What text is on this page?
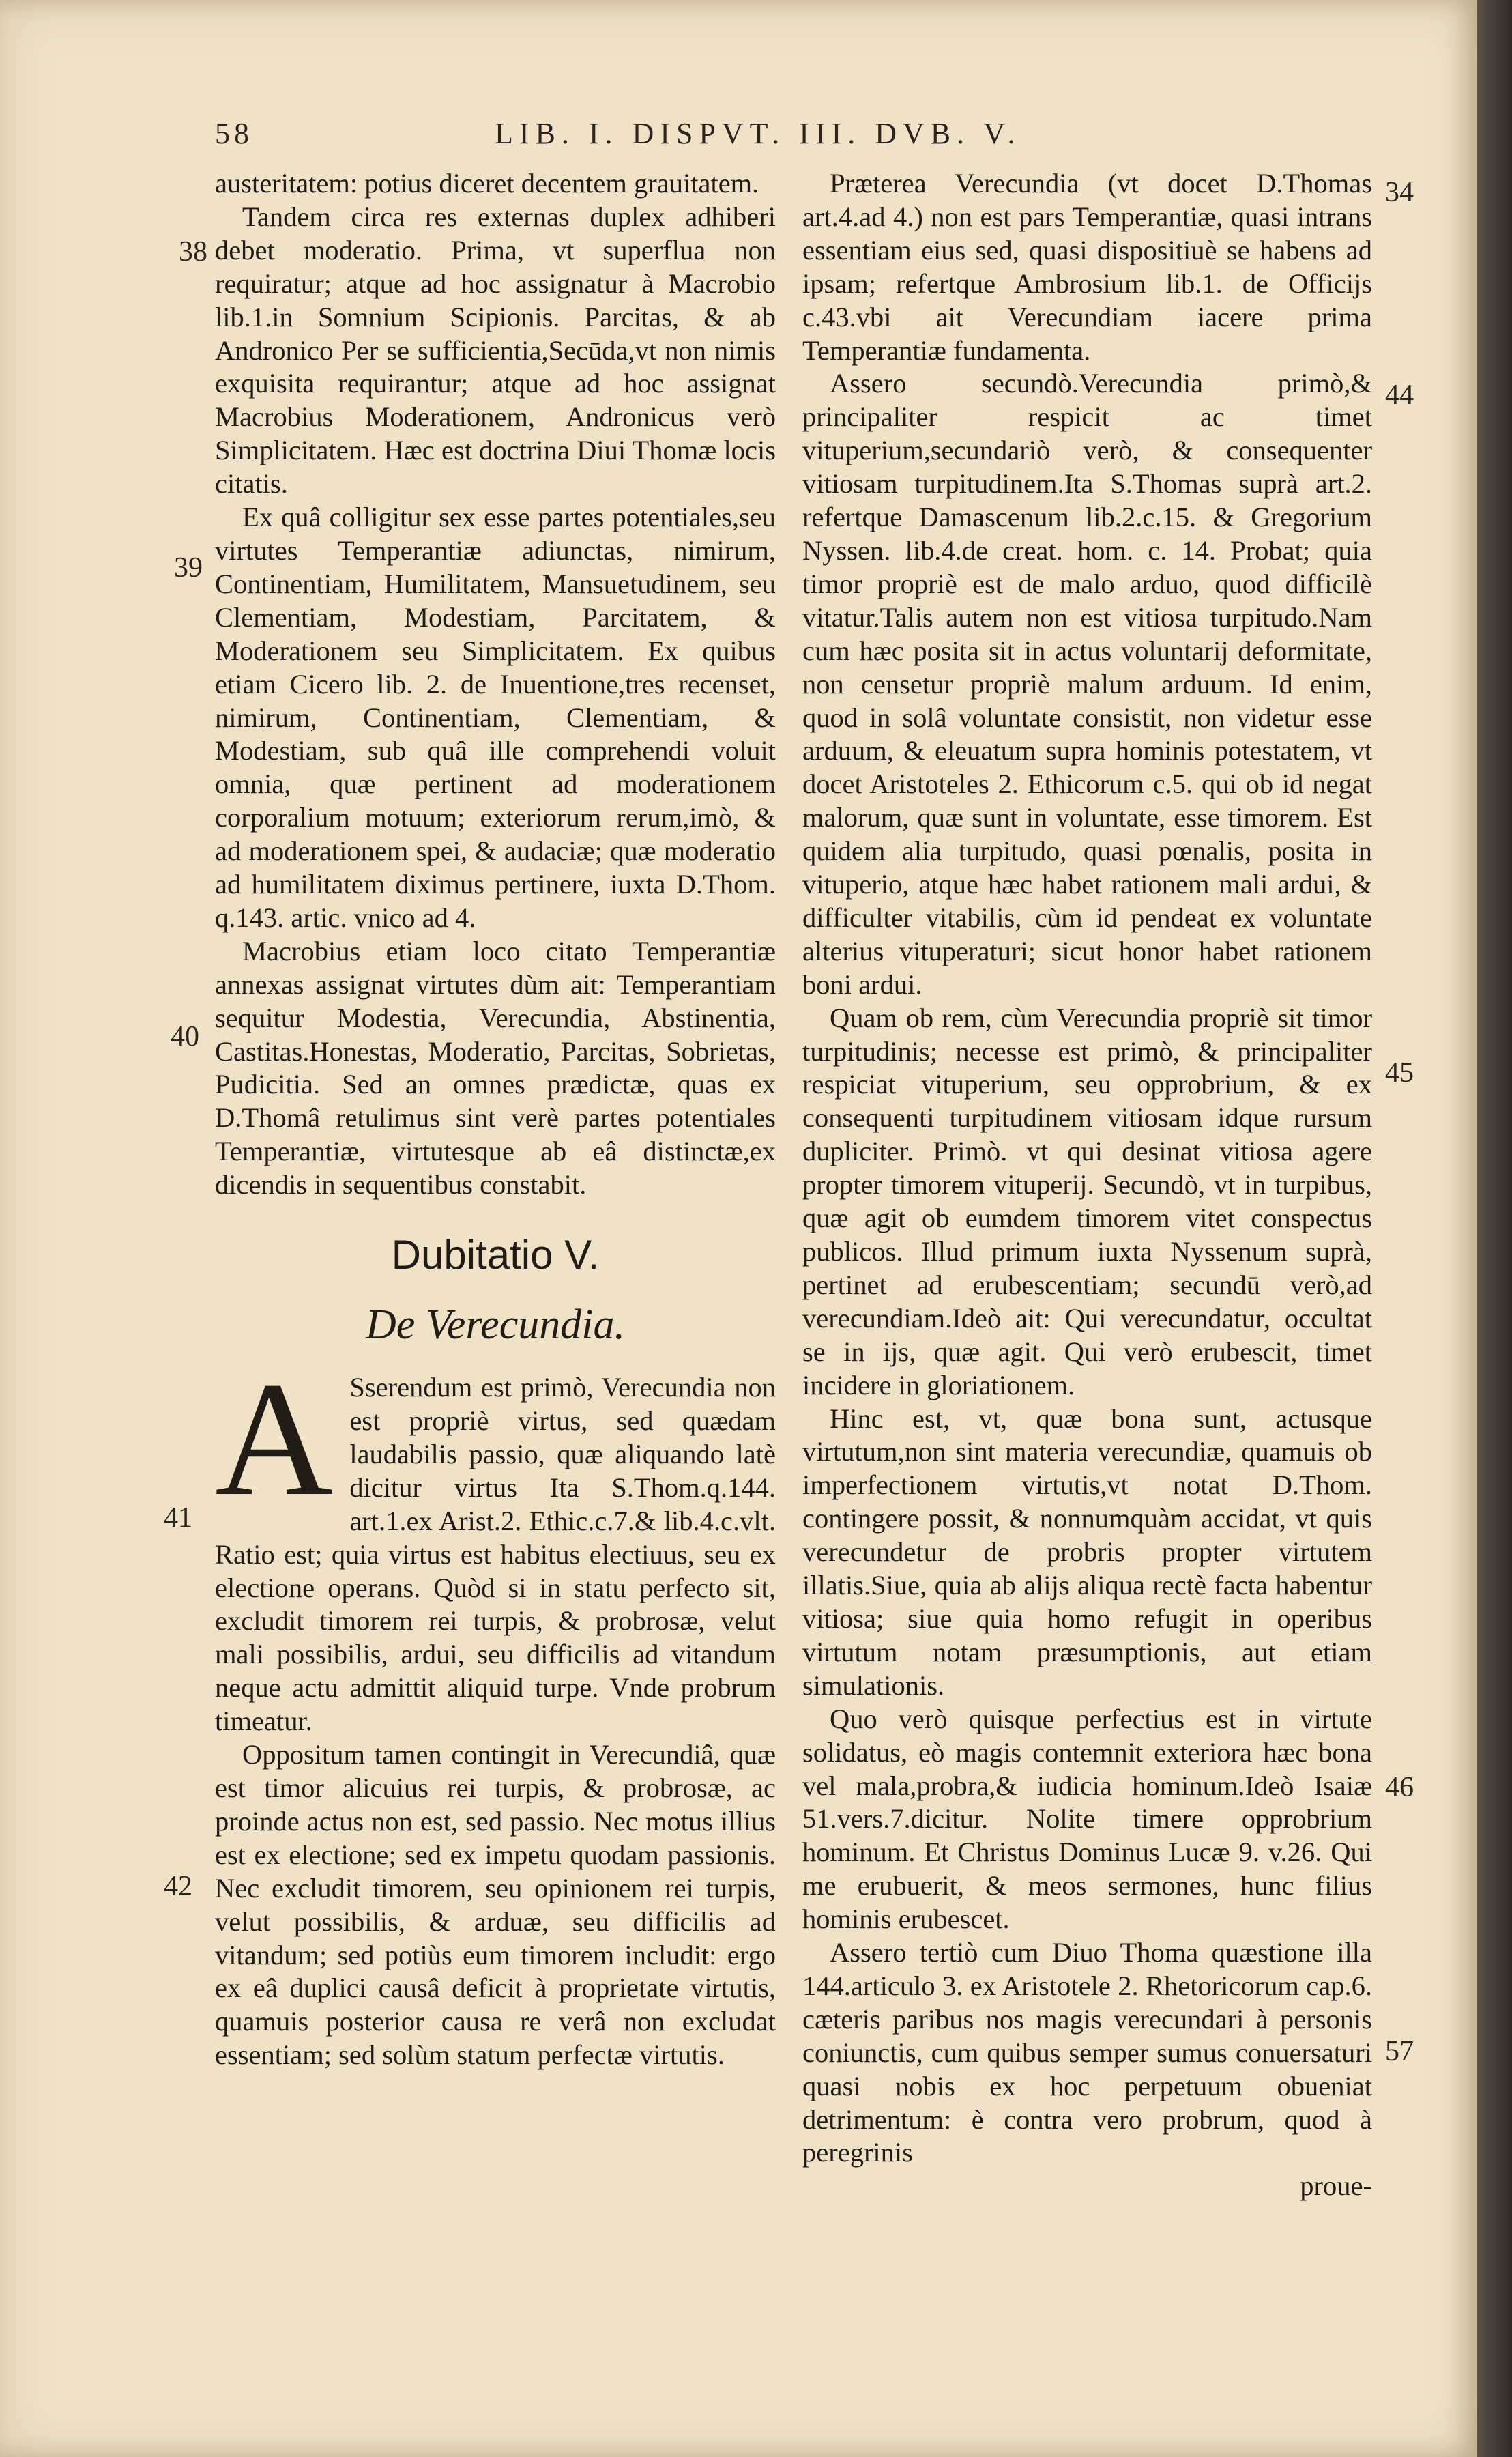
58	LIB. I. DISPVT. III. DVB. V.
38
39
40
41
42
34
44
45
46
57

austeritatem: potius diceret decentem grauitatem.

Tandem circa res externas duplex adhiberi debet moderatio. Prima, vt superflua non requiratur; atque ad hoc assignatur à Macrobio lib.1.in Somnium Scipionis. Parcitas, & ab Andronico Per se sufficientia,Secūda,vt non nimis exquisita requirantur; atque ad hoc assignat Macrobius Moderationem, Andronicus verò Simplicitatem. Hæc est doctrina Diui Thomæ locis citatis.

Ex quâ colligitur sex esse partes potentiales,seu virtutes Temperantiæ adiunctas, nimirum, Continentiam, Humilitatem, Mansuetudinem, seu Clementiam, Modestiam, Parcitatem, & Moderationem seu Simplicitatem. Ex quibus etiam Cicero lib. 2. de Inuentione,tres recenset, nimirum, Continentiam, Clementiam, & Modestiam, sub quâ ille comprehendi voluit omnia, quæ pertinent ad moderationem corporalium motuum; exteriorum rerum,imò, & ad moderationem spei, & audaciæ; quæ moderatio ad humilitatem diximus pertinere, iuxta D.Thom. q.143. artic. vnico ad 4.

Macrobius etiam loco citato Temperantiæ annexas assignat virtutes dùm ait: Temperantiam sequitur Modestia, Verecundia, Abstinentia, Castitas.Honestas, Moderatio, Parcitas, Sobrietas, Pudicitia. Sed an omnes prædictæ, quas ex D.Thomâ retulimus sint verè partes potentiales Temperantiæ, virtutesque ab eâ distinctæ,ex dicendis in sequentibus constabit.

Dubitatio V.
De Verecundia.

A Sserendum est primò, Verecundia non est propriè virtus, sed quædam laudabilis passio, quæ aliquando latè dicitur virtus Ita S.Thom.q.144. art.1.ex Arist.2. Ethic.c.7.& lib.4.c.vlt. Ratio est; quia virtus est habitus electiuus, seu ex electione operans. Quòd si in statu perfecto sit, excludit timorem rei turpis, & probrosæ, velut mali possibilis, ardui, seu difficilis ad vitandum neque actu admittit aliquid turpe. Vnde probrum timeatur.

Oppositum tamen contingit in Verecundiâ, quæ est timor alicuius rei turpis, & probrosæ, ac proinde actus non est, sed passio. Nec motus illius est ex electione; sed ex impetu quodam passionis. Nec excludit timorem, seu opinionem rei turpis, velut possibilis, & arduæ, seu difficilis ad vitandum; sed potiùs eum timorem includit: ergo ex eâ duplici causâ deficit à proprietate virtutis, quamuis posterior causa re verâ non excludat essentiam; sed solùm statum perfectæ virtutis.

Præterea Verecundia (vt docet D.Thomas art.4.ad 4.) non est pars Temperantiæ, quasi intrans essentiam eius sed, quasi dispositiuè se habens ad ipsam; refertque Ambrosium lib.1. de Officijs c.43.vbi ait Verecundiam iacere prima Temperantiæ fundamenta.

Assero secundò.Verecundia primò,& principaliter respicit ac timet vituperium,secundariò verò, & consequenter vitiosam turpitudinem.Ita S.Thomas suprà art.2. refertque Damascenum lib.2.c.15. & Gregorium Nyssen. lib.4.de creat. hom. c. 14. Probat; quia timor propriè est de malo arduo, quod difficilè vitatur.Talis autem non est vitiosa turpitudo.Nam cum hæc posita sit in actus voluntarij deformitate, non censetur propriè malum arduum. Id enim, quod in solâ voluntate consistit, non videtur esse arduum, & eleuatum supra hominis potestatem, vt docet Aristoteles 2. Ethicorum c.5. qui ob id negat malorum, quæ sunt in voluntate, esse timorem. Est quidem alia turpitudo, quasi pœnalis, posita in vituperio, atque hæc habet rationem mali ardui, & difficulter vitabilis, cùm id pendeat ex voluntate alterius vituperaturi; sicut honor habet rationem boni ardui.

Quam ob rem, cùm Verecundia propriè sit timor turpitudinis; necesse est primò, & principaliter respiciat vituperium, seu opprobrium, & ex consequenti turpitudinem vitiosam idque rursum dupliciter. Primò. vt qui desinat vitiosa agere propter timorem vituperij. Secundò, vt in turpibus, quæ agit ob eumdem timorem vitet conspectus publicos. Illud primum iuxta Nyssenum suprà, pertinet ad erubescentiam; secundū verò,ad verecundiam.Ideò ait: Qui verecundatur, occultat se in ijs, quæ agit. Qui verò erubescit, timet incidere in gloriationem.

Hinc est, vt, quæ bona sunt, actusque virtutum,non sint materia verecundiæ, quamuis ob imperfectionem virtutis,vt notat D.Thom. contingere possit, & nonnumquàm accidat, vt quis verecundetur de probris propter virtutem illatis.Siue, quia ab alijs aliqua rectè facta habentur vitiosa; siue quia homo refugit in operibus virtutum notam præsumptionis, aut etiam simulationis.

Quo verò quisque perfectius est in virtute solidatus, eò magis contemnit exteriora hæc bona vel mala,probra,& iudicia hominum.Ideò Isaiæ 51.vers.7.dicitur. Nolite timere opprobrium hominum. Et Christus Dominus Lucæ 9. v.26. Qui me erubuerit, & meos sermones, hunc filius hominis erubescet.

Assero tertiò cum Diuo Thoma quæstione illa 144.articulo 3. ex Aristotele 2. Rhetoricorum cap.6. cæteris paribus nos magis verecundari à personis coniunctis, cum quibus semper sumus conuersaturi quasi nobis ex hoc perpetuum obueniat detrimentum: è contra vero probrum, quod à peregrinis

proue-
